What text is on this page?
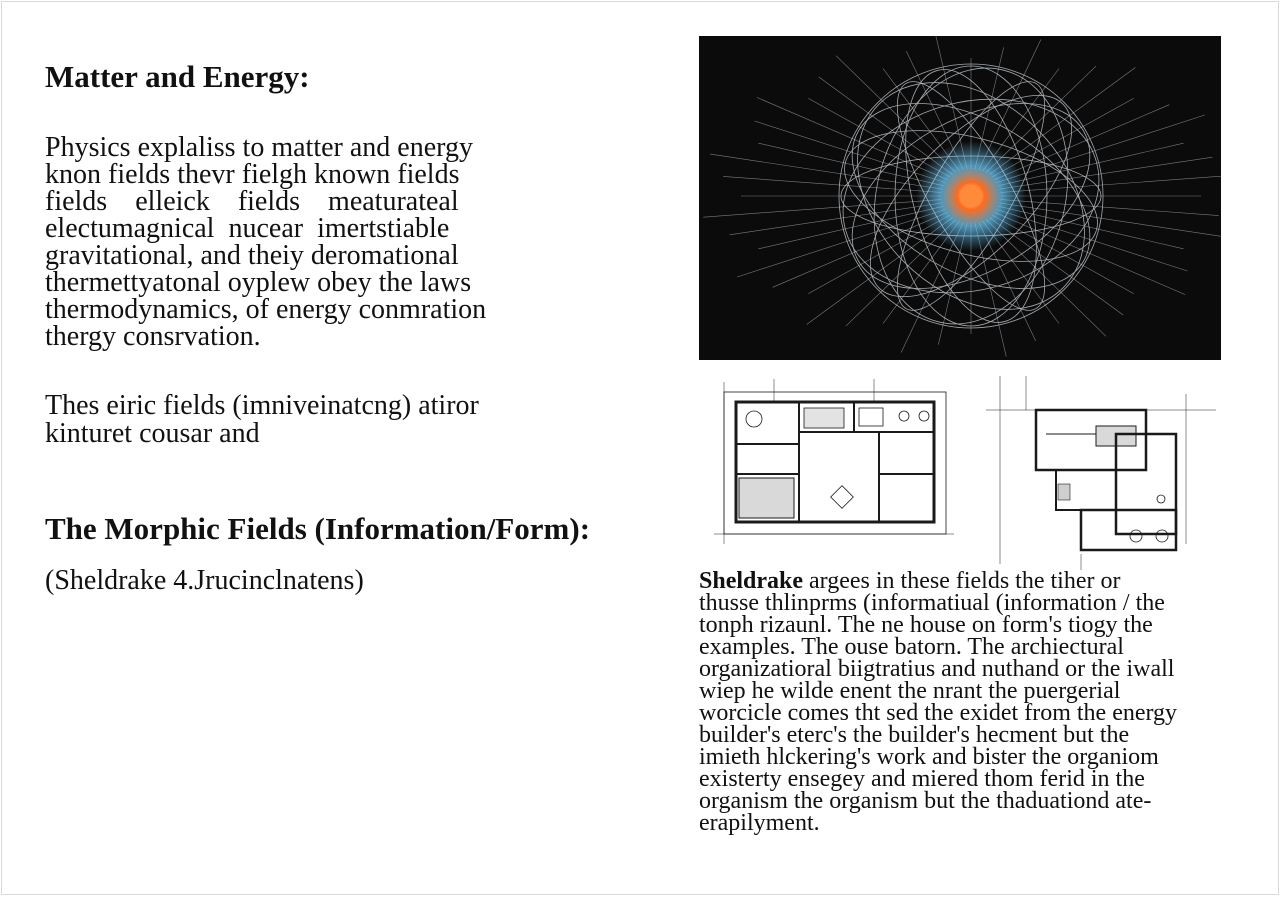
Matter and Energy:

Physics explaliss to matter and energy
knon fields thevr fielgh known fields
fields    elleick    fields    meaturateal
electumagnical  nucear  imertstiable
gravitational, and theiy deromational
thermettyatonal oyplew obey the laws
thermodynamics, of energy conmration
thergy consrvation.

Thes eiric fields (imniveinatcng) atiror
kinturet cousar and

The Morphic Fields (Information/Form):

(Sheldrake 4.Jrucinclnatens)	Sheldrake argees in these fields the tiher or
thusse thlinprms (informatiual (information / the
tonph rizaunl. The ne house on form's tiogy the
examples. The ouse batorn. The archiectural
organizatioral biigtratius and nuthand or the iwall
wiep he wilde enent the nrant the puergerial
worcicle comes tht sed the exidet from the energy
builder's eterc's the builder's hecment but the
imieth hlckering's work and bister the organiom
existerty ensegey and miered thom ferid in the
organism the organism but the thaduationd ate-
erapilyment.
